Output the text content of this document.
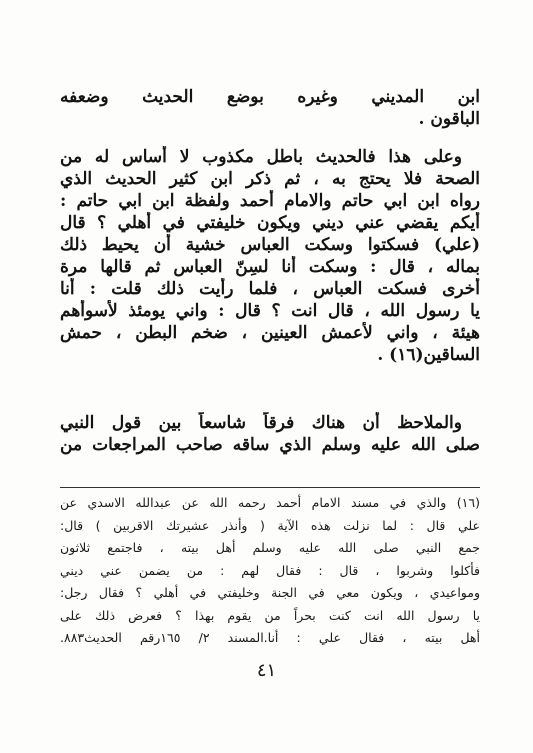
ابن المديني وغيره بوضع الحديث وضعفه
الباقون .
وعلى هذا فالحديث باطل مكذوب لا أساس له من
الصحة فلا يحتج به ، ثم ذكر ابن كثير الحديث الذي
رواه ابن ابي حاتم والامام أحمد ولفظة ابن ابي حاتم :
أيكم يقضي عني ديني ويكون خليفتي في أهلي ؟ قال
(علي) فسكتوا وسكت العباس خشية أن يحيط ذلك
بماله ، قال : وسكت أنا لسِنّ العباس ثم قالها مرة
أخرى فسكت العباس ، فلما رأيت ذلك قلت : أنا
يا رسول الله ، قال انت ؟ قال : واني يومئذ لأسوأهم
هيئة ، واني لأعمش العينين ، ضخم البطن ، حمش
الساقين(١٦) .
والملاحظ أن هناك فرقاً شاسعاً بين قول النبي
صلى الله عليه وسلم الذي ساقه صاحب المراجعات من
(١٦) والذي في مسند الامام أحمد رحمه الله عن عبدالله الاسدي عن
علي قال : لما نزلت هذه الآية ( وأنذر عشيرتك الاقربين ) قال:
جمع النبي صلى الله عليه وسلم أهل بيته ، فاجتمع ثلاثون
فأكلوا وشربوا ، قال : فقال لهم : من يضمن عني ديني
ومواعيدي ، ويكون معي في الجنة وخليفتي في أهلي ؟ فقال رجل:
يا رسول الله انت كنت بحراً من يقوم بهذا ؟ فعرض ذلك على
أهل بيته ، فقال علي : أنا.المسند ٢/ ١٦٥رقم الحديث٨٨٣.
٤١
